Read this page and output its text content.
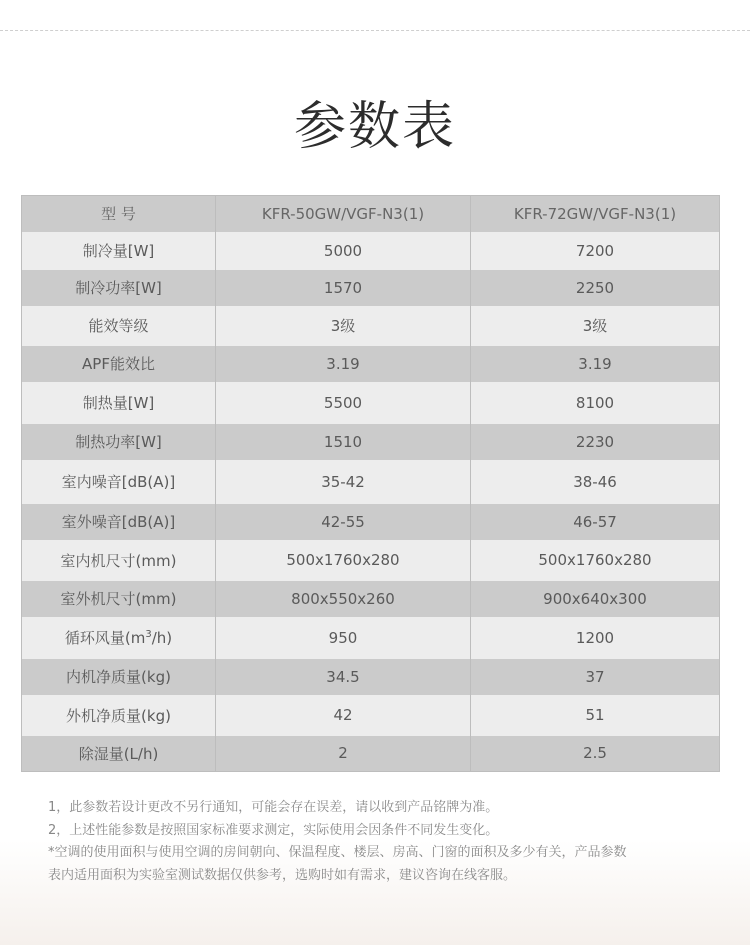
参数表
型 号	KFR-50GW/VGF-N3(1)	KFR-72GW/VGF-N3(1)
制冷量[W]	5000	7200
制冷功率[W]	1570	2250
能效等级	3级	3级
APF能效比	3.19	3.19
制热量[W]	5500	8100
制热功率[W]	1510	2230
室内噪音[dB(A)]	35-42	38-46
室外噪音[dB(A)]	42-55	46-57
室内机尺寸(mm)	500x1760x280	500x1760x280
室外机尺寸(mm)	800x550x260	900x640x300
循环风量$(m^3/h)$	950	1200
内机净质量(kg)	34.5	37
外机净质量(kg)	42	51
除湿量(L/h)	2	2.5

1，此参数若设计更改不另行通知，可能会存在误差，请以收到产品铭牌为准。

2，上述性能参数是按照国家标准要求测定，实际使用会因条件不同发生变化。

*空调的使用面积与使用空调的房间朝向、保温程度、楼层、房高、门窗的面积及多少有关，产品参数

表内适用面积为实验室测试数据仅供参考，选购时如有需求，建议咨询在线客服。
